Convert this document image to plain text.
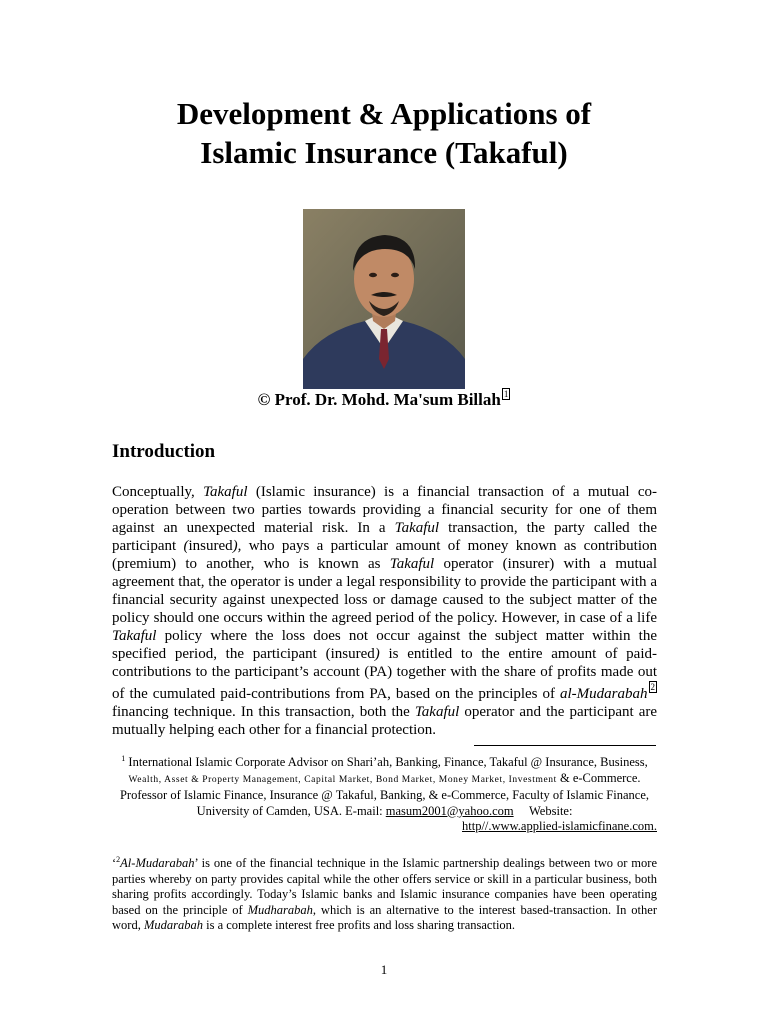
Development & Applications of
Islamic Insurance (Takaful)
© Prof. Dr. Mohd. Ma'sum Billah 1
Introduction
Conceptually, Takaful (Islamic insurance) is a financial transaction of a mutual co-operation between two parties towards providing a financial security for one of them against an unexpected material risk. In a Takaful transaction, the party called the participant (insured), who pays a particular amount of money known as contribution (premium) to another, who is known as Takaful operator (insurer) with a mutual agreement that, the operator is under a legal responsibility to provide the participant with a financial security against unexpected loss or damage caused to the subject matter of the policy should one occurs within the agreed period of the policy. However, in case of a life Takaful policy where the loss does not occur against the subject matter within the specified period, the participant (insured) is entitled to the entire amount of paid-contributions to the participant’s account (PA) together with the share of profits made out of the cumulated paid-contributions from PA, based on the principles of al-Mudarabah 2 financing technique. In this transaction, both the Takaful operator and the participant are mutually helping each other for a financial protection.
$^1$ International Islamic Corporate Advisor on Shari’ah, Banking, Finance, Takaful @ Insurance, Business,
Wealth, Asset & Property Management, Capital Market, Bond Market, Money Market, Investment & e-Commerce. Professor of Islamic Finance, Insurance @ Takaful, Banking, & e-Commerce, Faculty of Islamic Finance, University of Camden, USA. E-mail: masum2001@yahoo.com     Website:
http//.www.applied-islamicfinane.com.
‘$^2$Al-Mudarabah’ is one of the financial technique in the Islamic partnership dealings between two or more parties whereby on party provides capital while the other offers service or skill in a particular business, both sharing profits accordingly. Today’s Islamic banks and Islamic insurance companies have been operating based on the principle of Mudharabah, which is an alternative to the interest based-transaction. In other word, Mudarabah is a complete interest free profits and loss sharing transaction.
1
